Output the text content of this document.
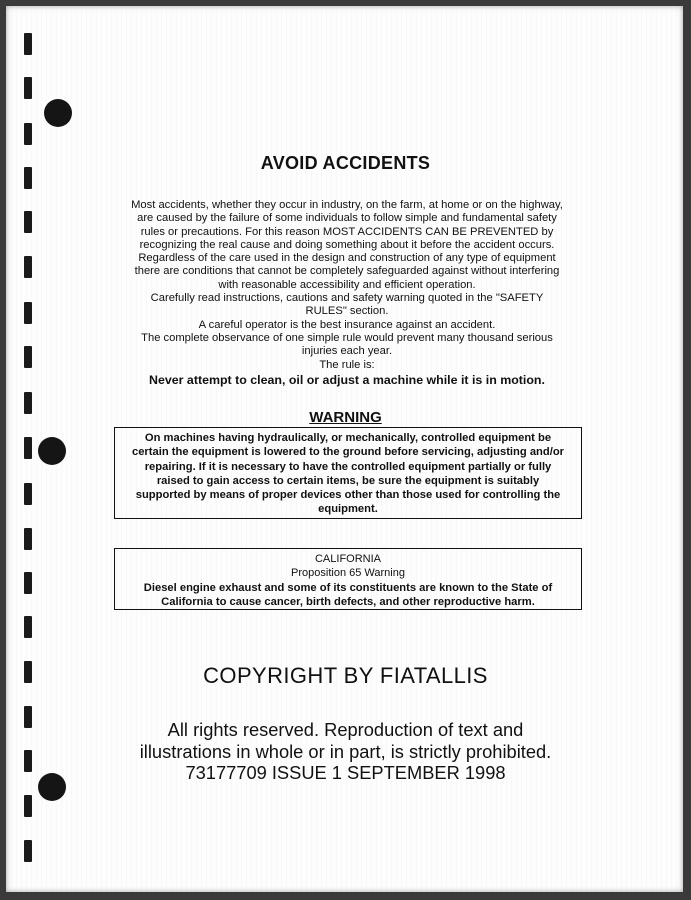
AVOID ACCIDENTS

Most accidents, whether they occur in industry, on the farm, at home or on the highway,

are caused by the failure of some individuals to follow simple and fundamental safety

rules or precautions. For this reason MOST ACCIDENTS CAN BE PREVENTED by

recognizing the real cause and doing something about it before the accident occurs.

Regardless of the care used in the design and construction of any type of equipment

there are conditions that cannot be completely safeguarded against without interfering

with reasonable accessibility and efficient operation.

Carefully read instructions, cautions and safety warning quoted in the "SAFETY

RULES" section.

A careful operator is the best insurance against an accident.

The complete observance of one simple rule would prevent many thousand serious

injuries each year.

The rule is:

Never attempt to clean, oil or adjust a machine while it is in motion.

WARNING
On machines having hydraulically, or mechanically, controlled equipment be
certain the equipment is lowered to the ground before servicing, adjusting and/or
repairing. If it is necessary to have the controlled equipment partially or fully
raised to gain access to certain items, be sure the equipment is suitably
supported by means of proper devices other than those used for controlling the
equipment.
CALIFORNIA
Proposition 65 Warning
Diesel engine exhaust and some of its constituents are known to the State of
California to cause cancer, birth defects, and other reproductive harm.
COPYRIGHT BY FIATALLIS
All rights reserved. Reproduction of text and
illustrations in whole or in part, is strictly prohibited.
73177709 ISSUE 1 SEPTEMBER 1998
